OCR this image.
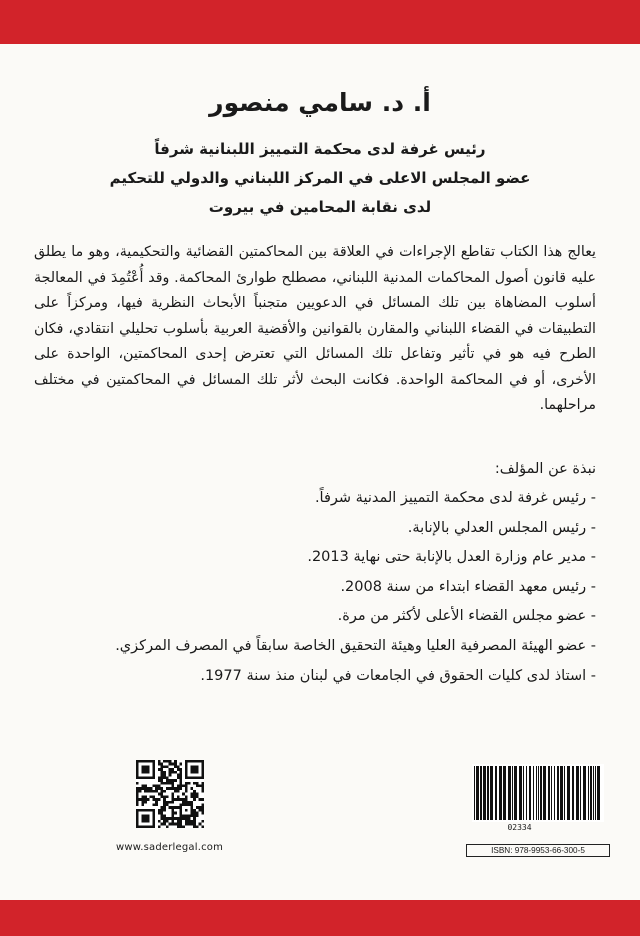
أ. د. سامي منصور
رئيس غرفة لدى محكمة التمييز اللبنانية شرفاً
عضو المجلس الاعلى في المركز اللبناني والدولي للتحكيم
لدى نقابة المحامين في بيروت

يعالج هذا الكتاب تقاطع الإجراءات في العلاقة بين المحاكمتين القضائية والتحكيمية، وهو ما يطلق عليه قانون أصول المحاكمات المدنية اللبناني، مصطلح طوارئ المحاكمة. وقد أُعْتُمِدَ في المعالجة أسلوب المضاهاة بين تلك المسائل في الدعويين متجنباً الأبحاث النظرية فيها، ومركزاً على التطبيقات في القضاء اللبناني والمقارن بالقوانين والأقضية العربية بأسلوب تحليلي انتقادي، فكان الطرح فيه هو في تأثير وتفاعل تلك المسائل التي تعترض إحدى المحاكمتين، الواحدة على الأخرى، أو في المحاكمة الواحدة. فكانت البحث لأثر تلك المسائل في المحاكمتين في مختلف مراحلهما.

نبذة عن المؤلف:

- رئيس غرفة لدى محكمة التمييز المدنية شرفاً.
- رئيس المجلس العدلي بالإنابة.
- مدير عام وزارة العدل بالإنابة حتى نهاية 2013.
- رئيس معهد القضاء ابتداء من سنة 2008.
- عضو مجلس القضاء الأعلى لأكثر من مرة.
- عضو الهيئة المصرفية العليا وهيئة التحقيق الخاصة سابقاً في المصرف المركزي.
- استاذ لدى كليات الحقوق في الجامعات في لبنان منذ سنة 1977.
www.saderlegal.com
02334
ISBN: 978-9953-66-300-5
